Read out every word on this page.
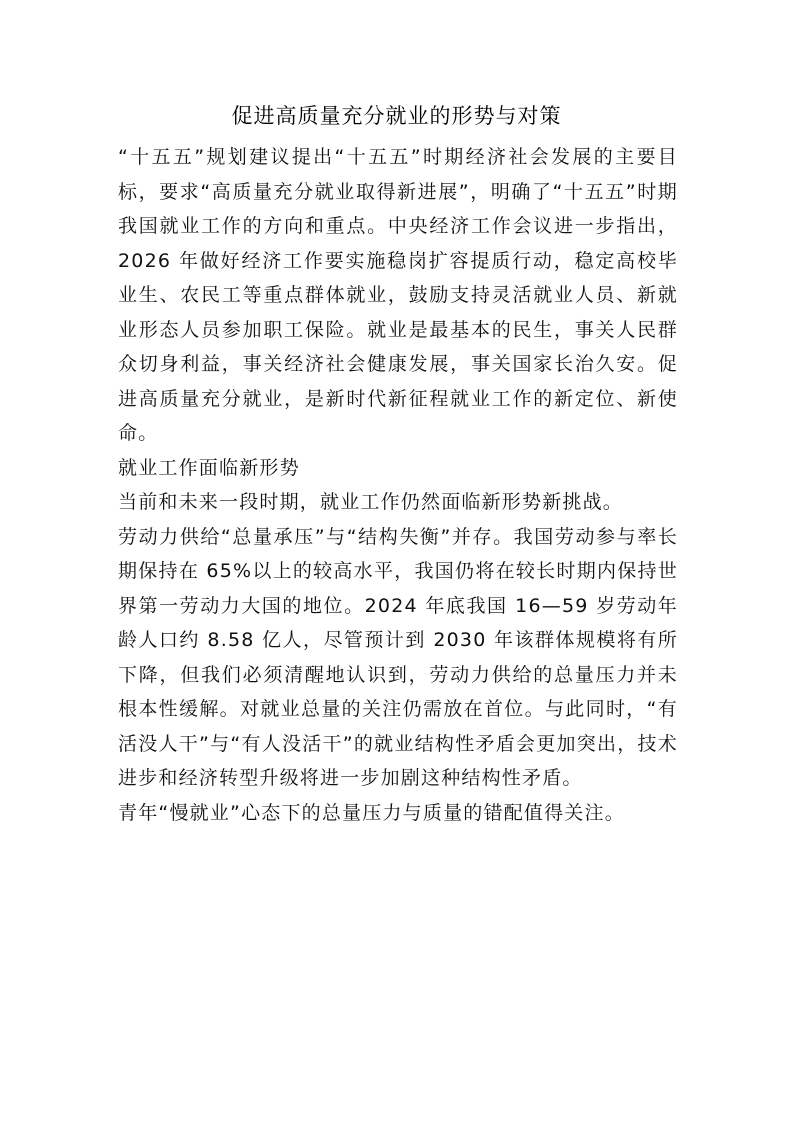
促进高质量充分就业的形势与对策

“十五五”规划建议提出“十五五”时期经济社会发展的主要目标，要求“高质量充分就业取得新进展”，明确了“十五五”时期我国就业工作的方向和重点。中央经济工作会议进一步指出，2026 年做好经济工作要实施稳岗扩容提质行动，稳定高校毕业生、农民工等重点群体就业，鼓励支持灵活就业人员、新就业形态人员参加职工保险。就业是最基本的民生，事关人民群众切身利益，事关经济社会健康发展，事关国家长治久安。促进高质量充分就业，是新时代新征程就业工作的新定位、新使命。

就业工作面临新形势

当前和未来一段时期，就业工作仍然面临新形势新挑战。

劳动力供给“总量承压”与“结构失衡”并存。我国劳动参与率长期保持在 65%以上的较高水平，我国仍将在较长时期内保持世界第一劳动力大国的地位。2024 年底我国 16—59 岁劳动年龄人口约 8.58 亿人，尽管预计到 2030 年该群体规模将有所下降，但我们必须清醒地认识到，劳动力供给的总量压力并未根本性缓解。对就业总量的关注仍需放在首位。与此同时，“有活没人干”与“有人没活干”的就业结构性矛盾会更加突出，技术进步和经济转型升级将进一步加剧这种结构性矛盾。

青年“慢就业”心态下的总量压力与质量的错配值得关注。
